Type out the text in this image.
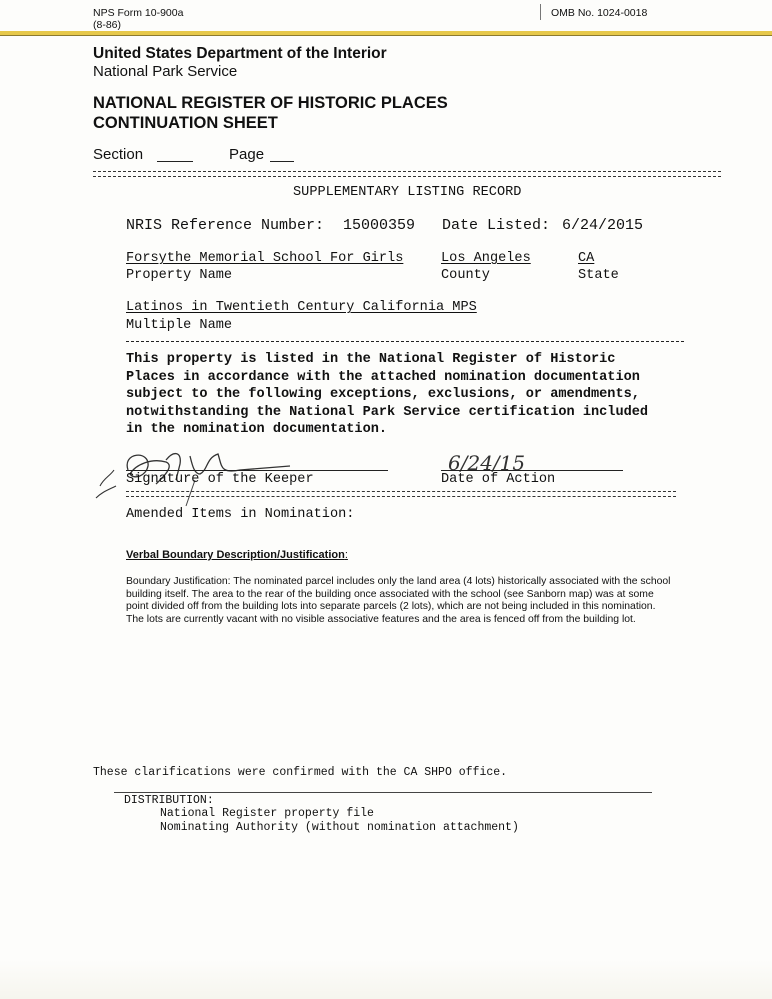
NPS Form 10-900a
(8-86)
OMB No. 1024-0018
United States Department of the Interior
National Park Service
NATIONAL REGISTER OF HISTORIC PLACES
CONTINUATION SHEET
Section	Page
SUPPLEMENTARY LISTING RECORD
NRIS Reference Number: 15000359 Date Listed: 6/24/2015
Forsythe Memorial School For Girls	Los Angeles	CA
Property Name	County	State
Latinos in Twentieth Century California MPS
Multiple Name
This property is listed in the National Register of Historic
Places in accordance with the attached nomination documentation
subject to the following exceptions, exclusions, or amendments,
notwithstanding the National Park Service certification included
in the nomination documentation.
6/24/15
Signature of the Keeper	Date of Action
Amended Items in Nomination:
Verbal Boundary Description/Justification:
Boundary Justification: The nominated parcel includes only the land area (4 lots) historically associated with the school building itself. The area to the rear of the building once associated with the school (see Sanborn map) was at some point divided off from the building lots into separate parcels (2 lots), which are not being included in this nomination. The lots are currently vacant with no visible associative features and the area is fenced off from the building lot.
These clarifications were confirmed with the CA SHPO office.
DISTRIBUTION:
National Register property file
Nominating Authority (without nomination attachment)
